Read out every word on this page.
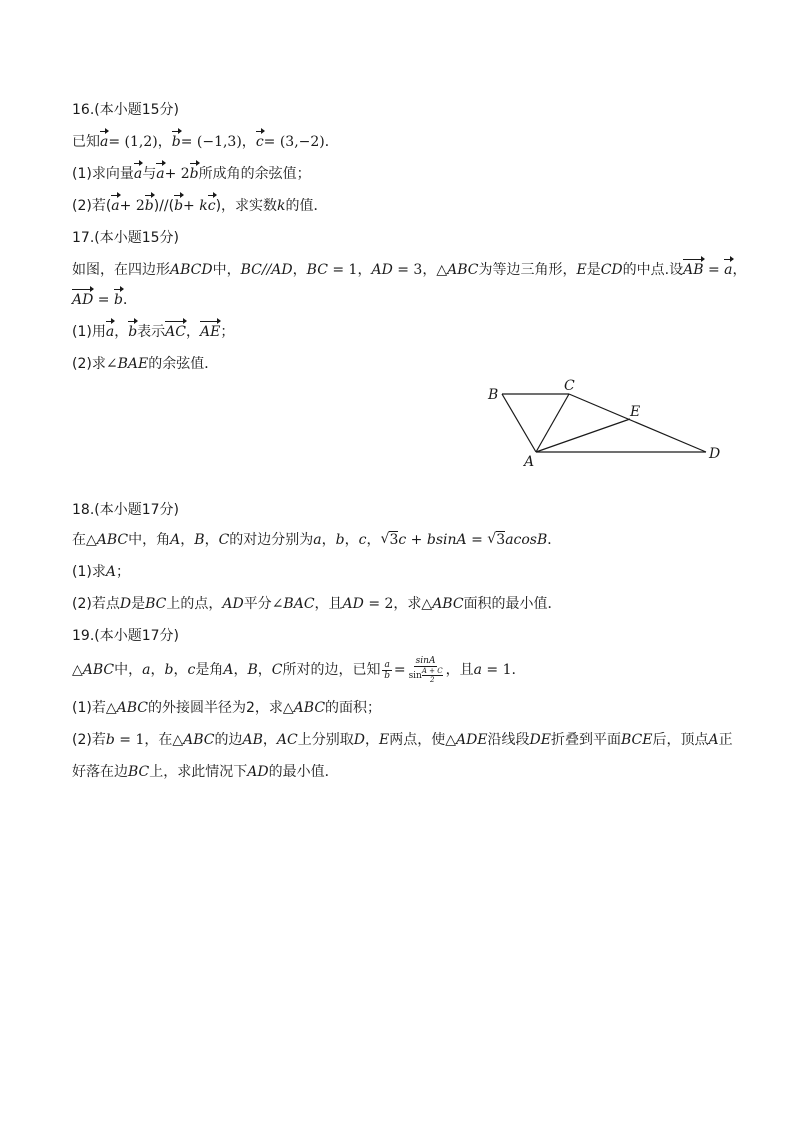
16.(本小题15分)
已知a= (1,2)，b= (−1,3)，c= (3,−2)．
(1)求向量a与a+ 2b所成角的余弦值；
(2)若(a+ 2b)//(b+ kc)，求实数k的值．
17.(本小题15分)
如图，在四边形ABCD中，BC//AD，BC = 1，AD = 3，△ABC为等边三角形，E是CD的中点.设AB = a，
AD = b．
(1)用a，b表示AC，AE；
(2)求∠BAE的余弦值．
B
C
E
A	D
18.(本小题17分)
在△ABC中，角A，B，C的对边分别为a，b，c，√ 3c + bsinA = √ 3acosB．
(1)求A；
(2)若点D是BC上的点，AD平分∠BAC，且AD = 2，求△ABC面积的最小值．
19.(本小题17分)
△ABC中，a，b，c是角A，B，C所对的边，已知 $\frac{a}{b} = \frac{\sin A}{\sin \frac{A + C}{2}}$ ，且a = 1.
(1)若△ABC的外接圆半径为2，求△ABC的面积；
(2)若b = 1，在△ABC的边AB，AC上分别取D，E两点，使△ADE沿线段DE折叠到平面BCE后，顶点A正
好落在边BC上，求此情况下AD的最小值．
